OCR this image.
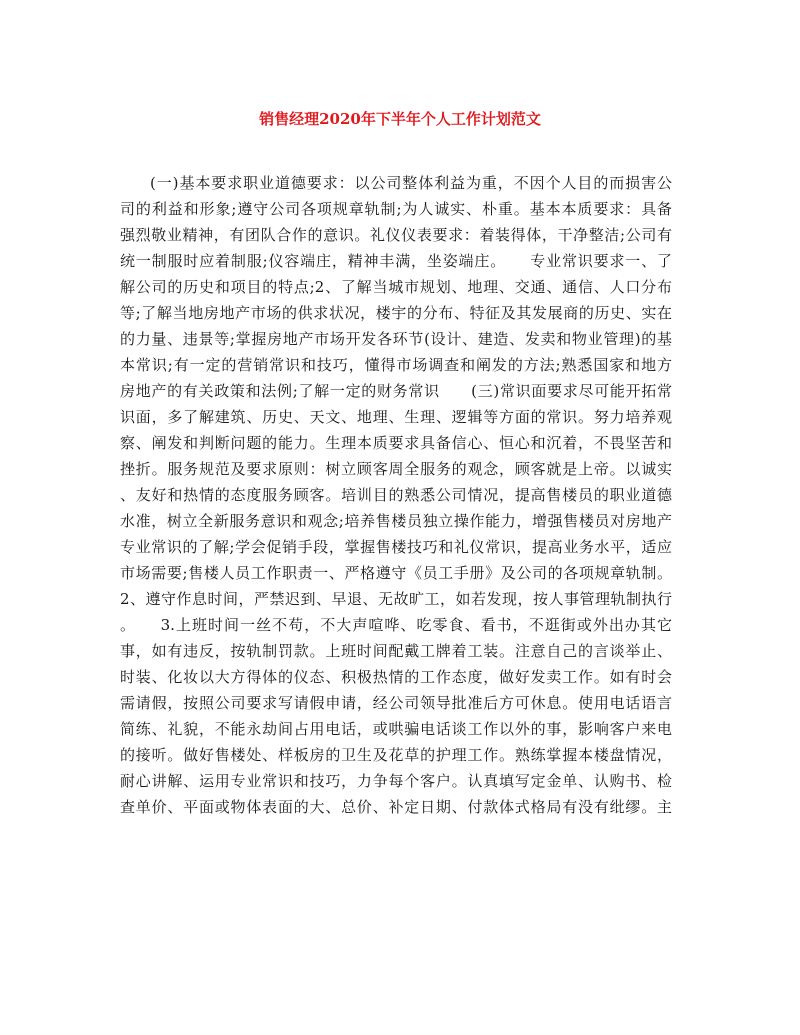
销售经理2020年下半年个人工作计划范文
(一)基本要求职业道德要求：以公司整体利益为重，不因个人目的而损害公
司的利益和形象;遵守公司各项规章轨制;为人诚实、朴重。基本本质要求：具备
强烈敬业精神，有团队合作的意识。礼仪仪表要求：着装得体，干净整洁;公司有
统一制服时应着制服;仪容端庄，精神丰满，坐姿端庄。　　专业常识要求一、了
解公司的历史和项目的特点;2、了解当城市规划、地理、交通、通信、人口分布
等;了解当地房地产市场的供求状况，楼宇的分布、特征及其发展商的历史、实在
的力量、违景等;掌握房地产市场开发各环节(设计、建造、发卖和物业管理)的基
本常识;有一定的营销常识和技巧，懂得市场调查和阐发的方法;熟悉国家和地方
房地产的有关政策和法例;了解一定的财务常识　　(三)常识面要求尽可能开拓常
识面，多了解建筑、历史、天文、地理、生理、逻辑等方面的常识。努力培养观
察、阐发和判断问题的能力。生理本质要求具备信心、恒心和沉着，不畏坚苦和
挫折。服务规范及要求原则：树立顾客周全服务的观念，顾客就是上帝。以诚实
、友好和热情的态度服务顾客。培训目的熟悉公司情况，提高售楼员的职业道德
水准，树立全新服务意识和观念;培养售楼员独立操作能力，增强售楼员对房地产
专业常识的了解;学会促销手段，掌握售楼技巧和礼仪常识，提高业务水平，适应
市场需要;售楼人员工作职责一、严格遵守《员工手册》及公司的各项规章轨制。
2、遵守作息时间，严禁迟到、早退、无故旷工，如若发现，按人事管理轨制执行
。　　3.上班时间一丝不苟，不大声喧哗、吃零食、看书，不逛街或外出办其它
事，如有违反，按轨制罚款。上班时间配戴工牌着工装。注意自己的言谈举止、
时装、化妆以大方得体的仪态、积极热情的工作态度，做好发卖工作。如有时会
需请假，按照公司要求写请假申请，经公司领导批准后方可休息。使用电话语言
简练、礼貌，不能永劫间占用电话，或哄骗电话谈工作以外的事，影响客户来电
的接听。做好售楼处、样板房的卫生及花草的护理工作。熟练掌握本楼盘情况，
耐心讲解、运用专业常识和技巧，力争每个客户。认真填写定金单、认购书、检
查单价、平面或物体表面的大、总价、补定日期、付款体式格局有没有纰缪。主
